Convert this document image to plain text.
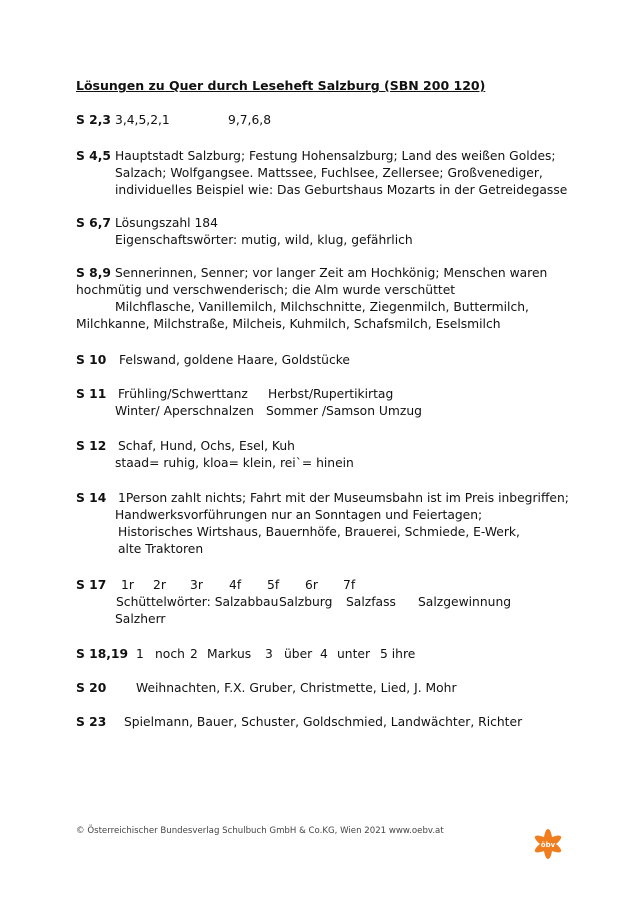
Lösungen zu Quer durch Leseheft Salzburg (SBN 200 120)
S 2,3 3,4,5,2,1	9,7,6,8
S 4,5 Hauptstadt Salzburg; Festung Hohensalzburg; Land des weißen Goldes;
Salzach; Wolfgangsee. Mattssee, Fuchlsee, Zellersee; Großvenediger,
individuelles Beispiel wie: Das Geburtshaus Mozarts in der Getreidegasse
S 6,7 Lösungszahl 184
Eigenschaftswörter: mutig, wild, klug, gefährlich
S 8,9 Sennerinnen, Senner; vor langer Zeit am Hochkönig; Menschen waren
hochmütig und verschwenderisch; die Alm wurde verschüttet
Milchflasche, Vanillemilch, Milchschnitte, Ziegenmilch, Buttermilch,
Milchkanne, Milchstraße, Milcheis, Kuhmilch, Schafsmilch, Eselsmilch
S 10 Felswand, goldene Haare, Goldstücke
S 11 Frühling/Schwerttanz Herbst/Rupertikirtag
Winter/ Aperschnalzen Sommer /Samson Umzug
S 12 Schaf, Hund, Ochs, Esel, Kuh
staad= ruhig, kloa= klein, rei`= hinein
S 14 1Person zahlt nichts; Fahrt mit der Museumsbahn ist im Preis inbegriffen;
Handwerksvorführungen nur an Sonntagen und Feiertagen;
Historisches Wirtshaus, Bauernhöfe, Brauerei, Schmiede, E-Werk,
alte Traktoren
S 17 1r 2r 3r 4f 5f 6r 7f
Schüttelwörter: Salzabbau Salzburg Salzfass Salzgewinnung
Salzherr
S 18,19 1 noch 2 Markus 3 über 4 unter 5 ihre
S 20 Weihnachten, F.X. Gruber, Christmette, Lied, J. Mohr
S 23 Spielmann, Bauer, Schuster, Goldschmied, Landwächter, Richter
© Österreichischer Bundesverlag Schulbuch GmbH & Co.KG, Wien 2021 www.oebv.at
öbv
